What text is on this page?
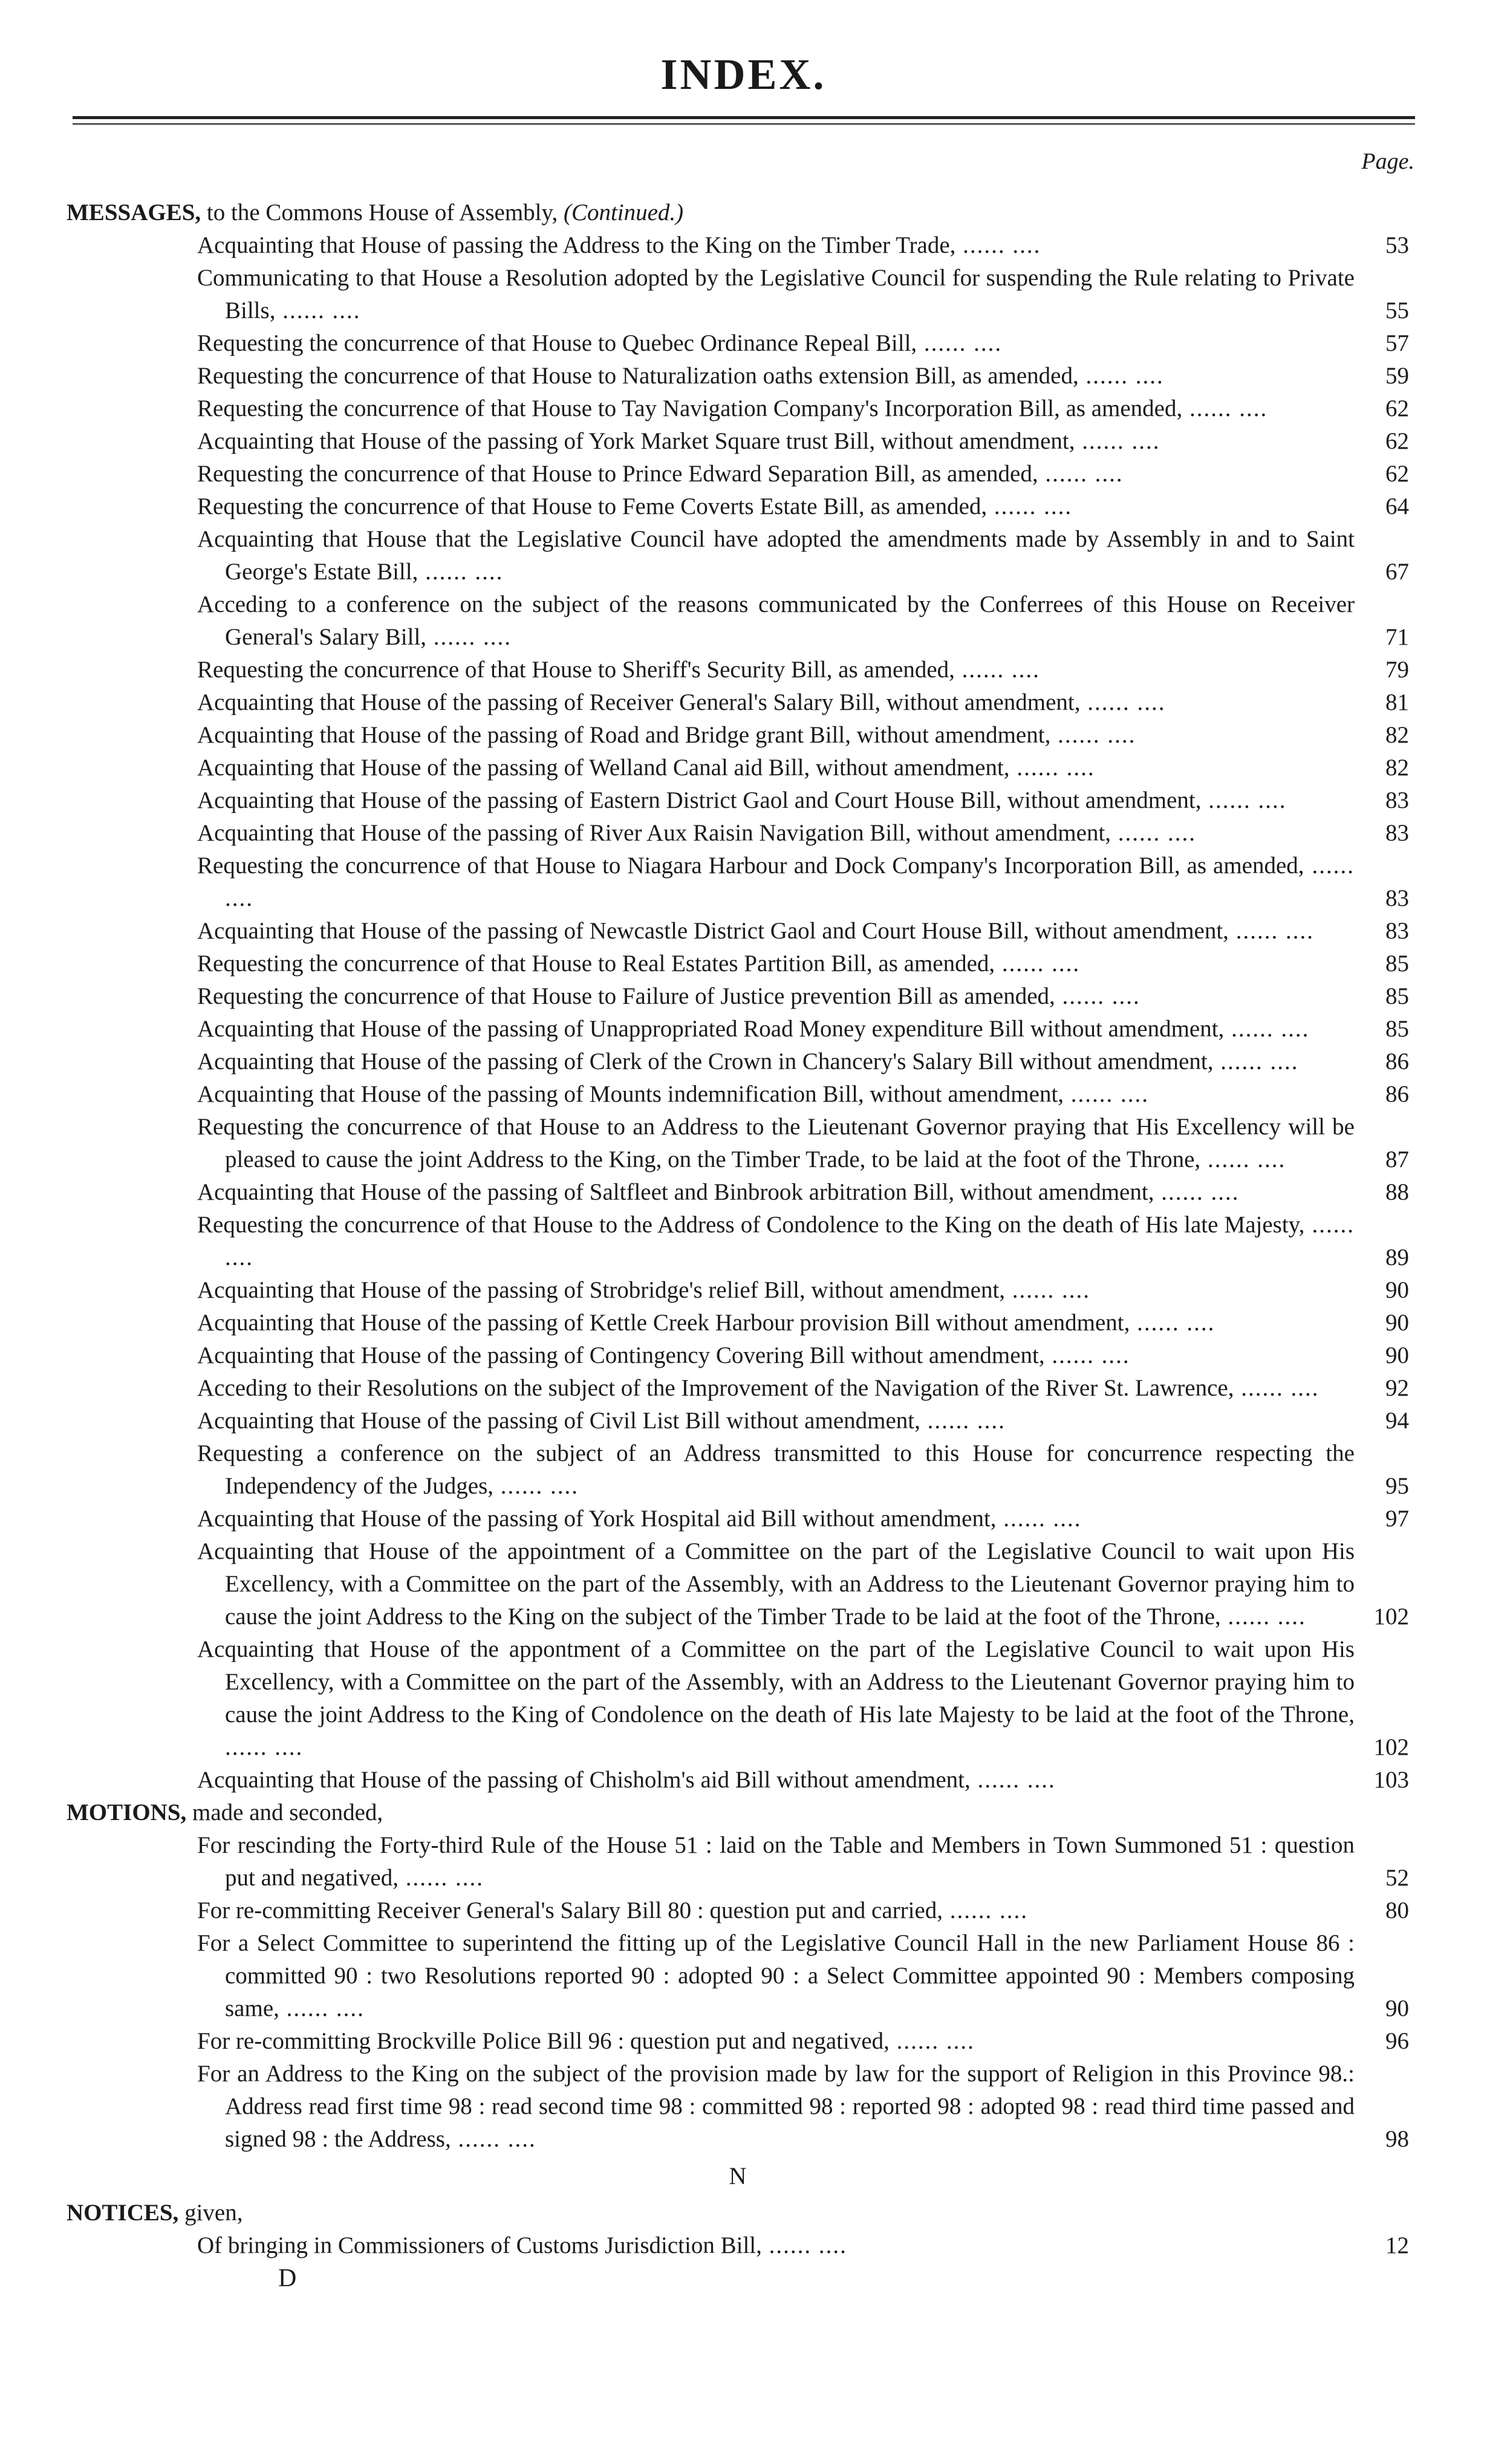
INDEX.
Page.
MESSAGES, to the Commons House of Assembly, (Continued.)
Acquainting that House of passing the Address to the King on the Timber Trade, ...... ....	53
Communicating to that House a Resolution adopted by the Legislative Council for suspending the Rule relating to Private Bills, ...... ....	55
Requesting the concurrence of that House to Quebec Ordinance Repeal Bill, ...... ....	57
Requesting the concurrence of that House to Naturalization oaths extension Bill, as amended, ...... ....	59
Requesting the concurrence of that House to Tay Navigation Company's Incorporation Bill, as amended, ...... ....	62
Acquainting that House of the passing of York Market Square trust Bill, without amendment, ...... ....	62
Requesting the concurrence of that House to Prince Edward Separation Bill, as amended, ...... ....	62
Requesting the concurrence of that House to Feme Coverts Estate Bill, as amended, ...... ....	64
Acquainting that House that the Legislative Council have adopted the amendments made by Assembly in and to Saint George's Estate Bill, ...... ....	67
Acceding to a conference on the subject of the reasons communicated by the Conferrees of this House on Receiver General's Salary Bill, ...... ....	71
Requesting the concurrence of that House to Sheriff's Security Bill, as amended, ...... ....	79
Acquainting that House of the passing of Receiver General's Salary Bill, without amendment, ...... ....	81
Acquainting that House of the passing of Road and Bridge grant Bill, without amendment, ...... ....	82
Acquainting that House of the passing of Welland Canal aid Bill, without amendment, ...... ....	82
Acquainting that House of the passing of Eastern District Gaol and Court House Bill, without amendment, ...... ....	83
Acquainting that House of the passing of River Aux Raisin Navigation Bill, without amendment, ...... ....	83
Requesting the concurrence of that House to Niagara Harbour and Dock Company's Incorporation Bill, as amended, ...... ....	83
Acquainting that House of the passing of Newcastle District Gaol and Court House Bill, without amendment, ...... ....	83
Requesting the concurrence of that House to Real Estates Partition Bill, as amended, ...... ....	85
Requesting the concurrence of that House to Failure of Justice prevention Bill as amended, ...... ....	85
Acquainting that House of the passing of Unappropriated Road Money expenditure Bill without amendment, ...... ....	85
Acquainting that House of the passing of Clerk of the Crown in Chancery's Salary Bill without amendment, ...... ....	86
Acquainting that House of the passing of Mounts indemnification Bill, without amendment, ...... ....	86
Requesting the concurrence of that House to an Address to the Lieutenant Governor praying that His Excellency will be pleased to cause the joint Address to the King, on the Timber Trade, to be laid at the foot of the Throne, ...... ....	87
Acquainting that House of the passing of Saltfleet and Binbrook arbitration Bill, without amendment, ...... ....	88
Requesting the concurrence of that House to the Address of Condolence to the King on the death of His late Majesty, ...... ....	89
Acquainting that House of the passing of Strobridge's relief Bill, without amendment, ...... ....	90
Acquainting that House of the passing of Kettle Creek Harbour provision Bill without amendment, ...... ....	90
Acquainting that House of the passing of Contingency Covering Bill without amendment, ...... ....	90
Acceding to their Resolutions on the subject of the Improvement of the Navigation of the River St. Lawrence, ...... ....	92
Acquainting that House of the passing of Civil List Bill without amendment, ...... ....	94
Requesting a conference on the subject of an Address transmitted to this House for concurrence respecting the Independency of the Judges, ...... ....	95
Acquainting that House of the passing of York Hospital aid Bill without amendment, ...... ....	97
Acquainting that House of the appointment of a Committee on the part of the Legislative Council to wait upon His Excellency, with a Committee on the part of the Assembly, with an Address to the Lieutenant Governor praying him to cause the joint Address to the King on the subject of the Timber Trade to be laid at the foot of the Throne, ...... ....	102
Acquainting that House of the appontment of a Committee on the part of the Legislative Council to wait upon His Excellency, with a Committee on the part of the Assembly, with an Address to the Lieutenant Governor praying him to cause the joint Address to the King of Condolence on the death of His late Majesty to be laid at the foot of the Throne, ...... ....	102
Acquainting that House of the passing of Chisholm's aid Bill without amendment, ...... ....	103
MOTIONS, made and seconded,
For rescinding the Forty-third Rule of the House 51 : laid on the Table and Members in Town Summoned 51 : question put and negatived, ...... ....	52
For re-committing Receiver General's Salary Bill 80 : question put and carried, ...... ....	80
For a Select Committee to superintend the fitting up of the Legislative Council Hall in the new Parliament House 86 : committed 90 : two Resolutions reported 90 : adopted 90 : a Select Committee appointed 90 : Members composing same, ...... ....	90
For re-committing Brockville Police Bill 96 : question put and negatived, ...... ....	96
For an Address to the King on the subject of the provision made by law for the support of Religion in this Province 98.: Address read first time 98 : read second time 98 : committed 98 : reported 98 : adopted 98 : read third time passed and signed 98 : the Address, ...... ....	98
N
NOTICES, given,
Of bringing in Commissioners of Customs Jurisdiction Bill, ...... ....	12
D
